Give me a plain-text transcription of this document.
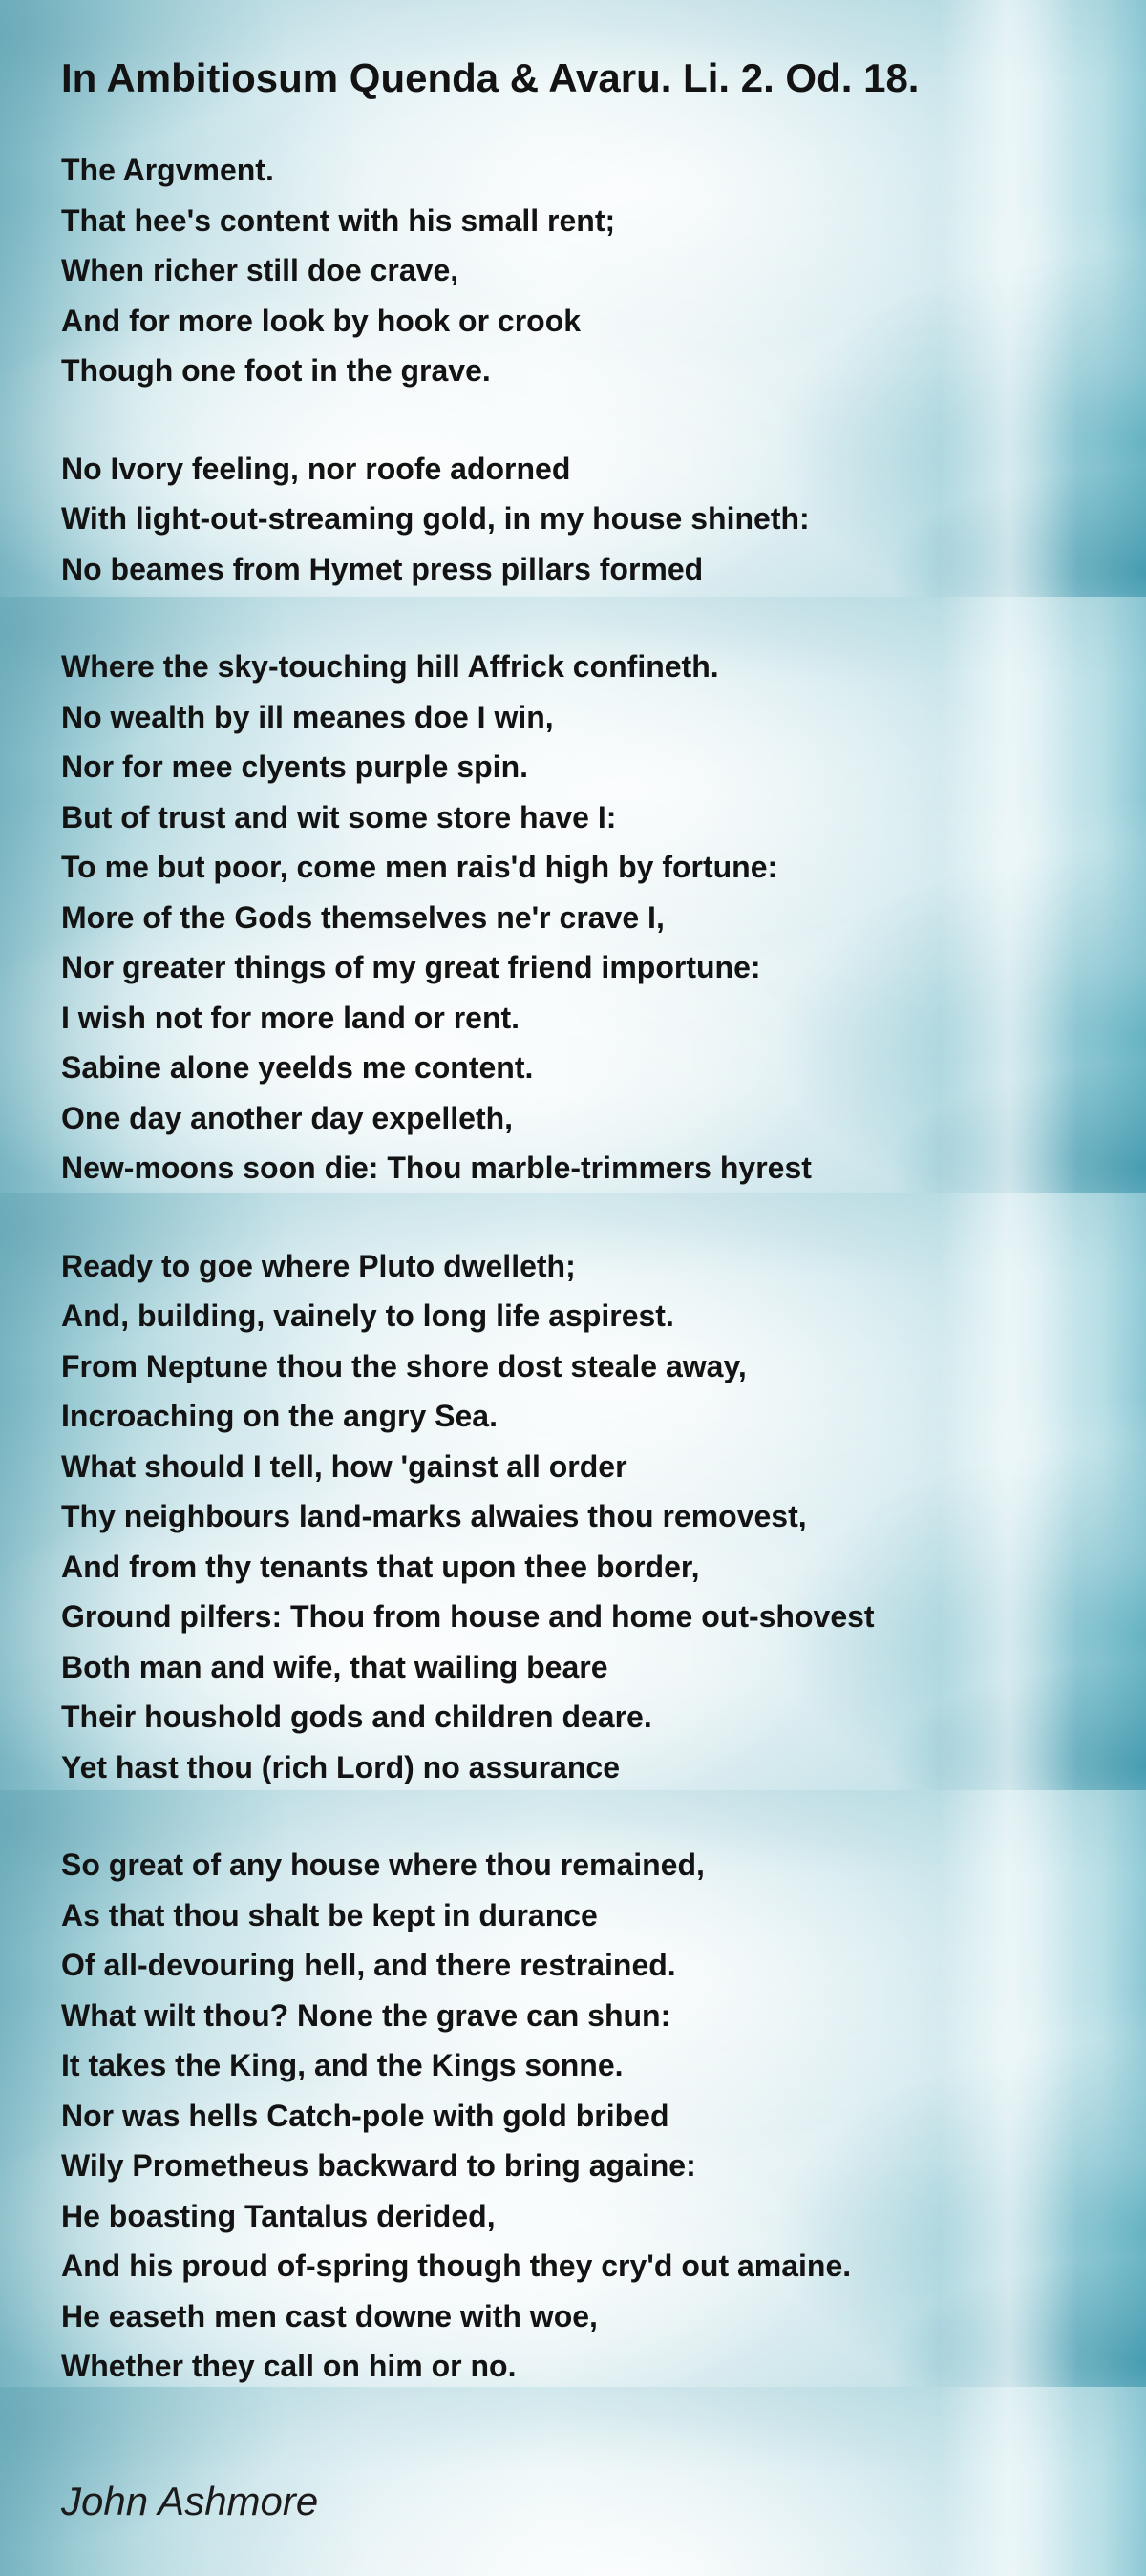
In Ambitiosum Quenda & Avaru. Li. 2. Od. 18.

The Argvment.

That hee's content with his small rent;

When richer still doe crave,

And for more look by hook or crook

Though one foot in the grave.

No Ivory feeling, nor roofe adorned

With light-out-streaming gold, in my house shineth:

No beames from Hymet press pillars formed

Where the sky-touching hill Affrick confineth.

No wealth by ill meanes doe I win,

Nor for mee clyents purple spin.

But of trust and wit some store have I:

To me but poor, come men rais'd high by fortune:

More of the Gods themselves ne'r crave I,

Nor greater things of my great friend importune:

I wish not for more land or rent.

Sabine alone yeelds me content.

One day another day expelleth,

New-moons soon die: Thou marble-trimmers hyrest

Ready to goe where Pluto dwelleth;

And, building, vainely to long life aspirest.

From Neptune thou the shore dost steale away,

Incroaching on the angry Sea.

What should I tell, how 'gainst all order

Thy neighbours land-marks alwaies thou removest,

And from thy tenants that upon thee border,

Ground pilfers: Thou from house and home out-shovest

Both man and wife, that wailing beare

Their houshold gods and children deare.

Yet hast thou (rich Lord) no assurance

So great of any house where thou remained,

As that thou shalt be kept in durance

Of all-devouring hell, and there restrained.

What wilt thou? None the grave can shun:

It takes the King, and the Kings sonne.

Nor was hells Catch-pole with gold bribed

Wily Prometheus backward to bring againe:

He boasting Tantalus derided,

And his proud of-spring though they cry'd out amaine.

He easeth men cast downe with woe,

Whether they call on him or no.

John Ashmore
